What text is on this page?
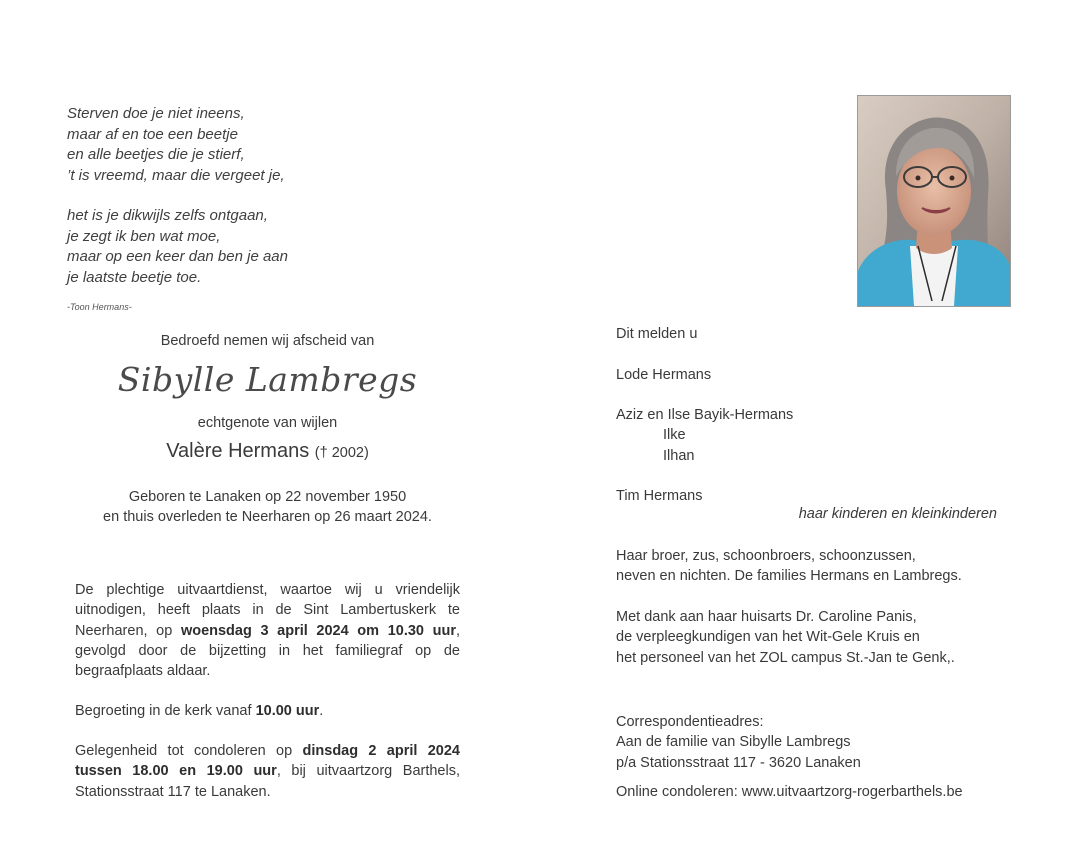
Sterven doe je niet ineens,
maar af en toe een beetje
en alle beetjes die je stierf,
’t is vreemd, maar die vergeet je,
het is je dikwijls zelfs ontgaan,
je zegt ik ben wat moe,
maar op een keer dan ben je aan
je laatste beetje toe.
-Toon Hermans-
Bedroefd nemen wij afscheid van
Sibylle Lambregs
echtgenote van wijlen
Valère Hermans († 2002)
Geboren te Lanaken op 22 november 1950
en thuis overleden te Neerharen op 26 maart 2024.
De plechtige uitvaartdienst, waartoe wij u vriendelijk uitnodigen, heeft plaats in de Sint Lambertuskerk te Neerharen, op woensdag 3 april 2024 om 10.30 uur, gevolgd door de bijzetting in het familiegraf op de begraafplaats aldaar.
Begroeting in de kerk vanaf 10.00 uur.
Gelegenheid tot condoleren op dinsdag 2 april 2024 tussen 18.00 en 19.00 uur, bij uitvaartzorg Barthels, Stationsstraat 117 te Lanaken.
Dit melden u
Lode Hermans
Aziz en Ilse Bayik-Hermans
Ilke
Ilhan
Tim Hermans
haar kinderen en kleinkinderen
Haar broer, zus, schoonbroers, schoonzussen,
neven en nichten. De families Hermans en Lambregs.
Met dank aan haar huisarts Dr. Caroline Panis,
de verpleegkundigen van het Wit-Gele Kruis en
het personeel van het ZOL campus St.-Jan te Genk,.
Correspondentieadres:
Aan de familie van Sibylle Lambregs
p/a Stationsstraat 117 - 3620 Lanaken
Online condoleren: www.uitvaartzorg-rogerbarthels.be
